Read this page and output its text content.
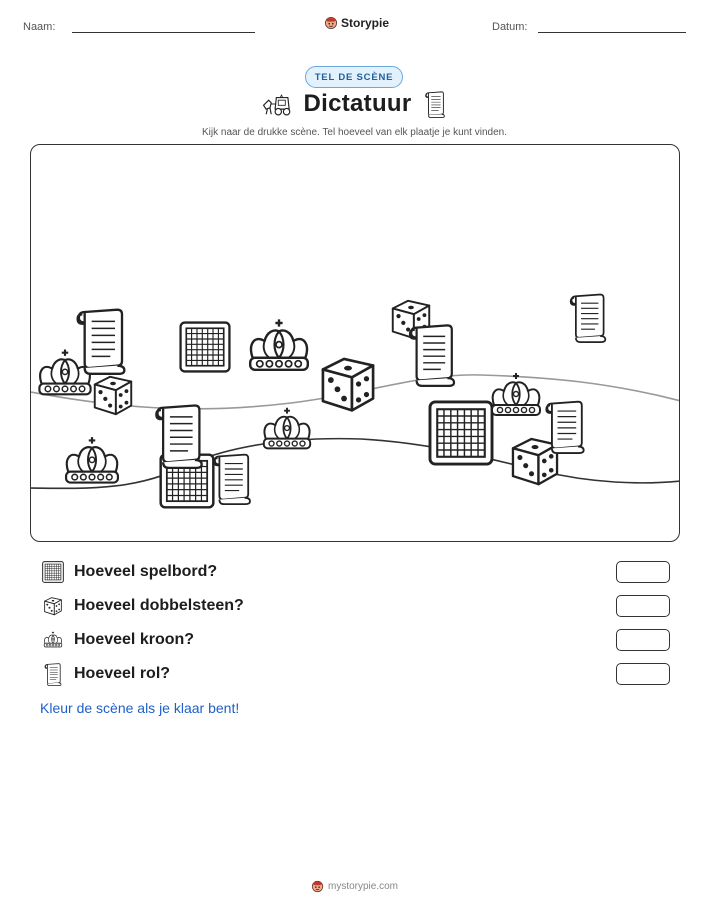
Naam:	Storypie	Datum:
TEL DE SCÈNE
Dictatuur
Kijk naar de drukke scène. Tel hoeveel van elk plaatje je kunt vinden.
Hoeveel spelbord?
Hoeveel dobbelsteen?
Hoeveel kroon?
Hoeveel rol?
Kleur de scène als je klaar bent!
mystorypie.com
